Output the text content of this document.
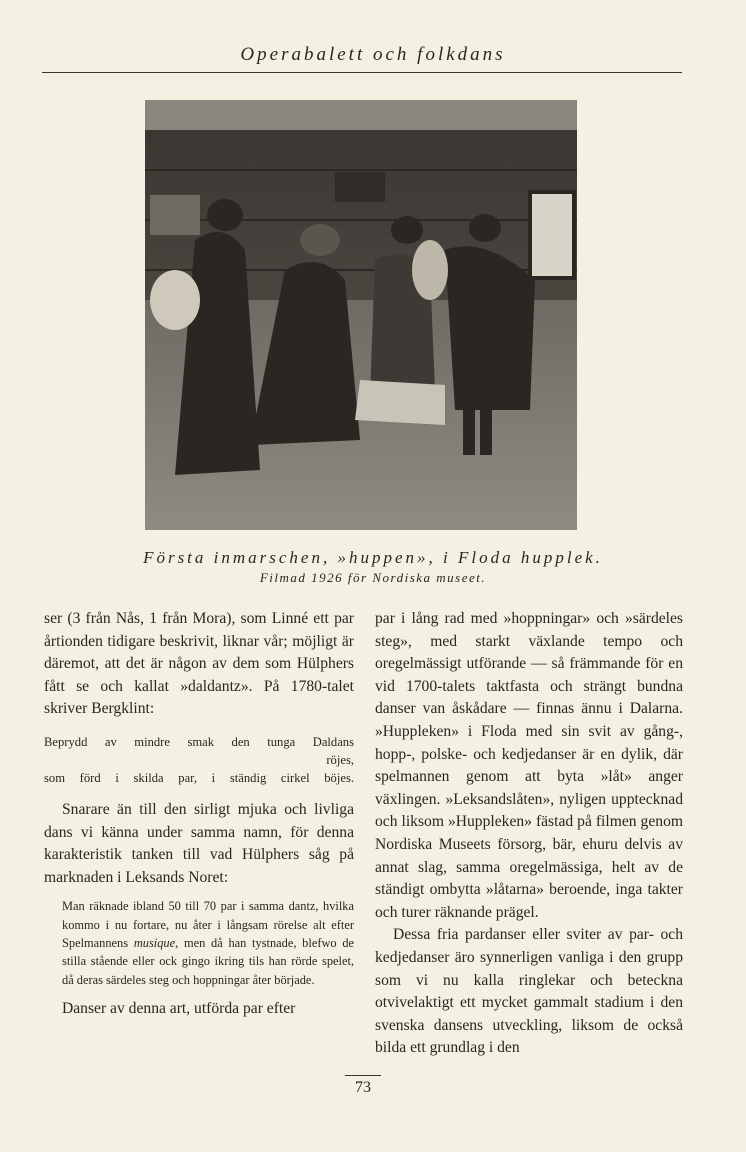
Operabalett och folkdans
Första inmarschen, »huppen», i Floda hupplek.
Filmad 1926 för Nordiska museet.

ser (3 från Nås, 1 från Mora), som Linné ett par årtionden tidigare beskrivit, liknar vår; möjligt är däremot, att det är någon av dem som Hülphers fått se och kallat »daldantz». På 1780-talet skriver Bergklint:

Beprydd av mindre smak den tunga Daldans
röjes,
som förd i skilda par, i ständig cirkel böjes.

Snarare än till den sirligt mjuka och livliga dans vi känna under samma namn, för denna karakteristik tanken till vad Hülphers såg på marknaden i Leksands Noret:

Man räknade ibland 50 till 70 par i samma dantz, hvilka kommo i nu fortare, nu åter i långsam rörelse alt efter Spelmannens musique, men då han tystnade, blefwo de stilla stående eller ock gingo ikring tils han rörde spelet, då deras särdeles steg och hoppningar åter började.

Danser av denna art, utförda par efter

par i lång rad med »hoppningar» och »särdeles steg», med starkt växlande tempo och oregelmässigt utförande — så främmande för en vid 1700-talets taktfasta och strängt bundna danser van åskådare — finnas ännu i Dalarna. »Hupplеken» i Floda med sin svit av gång-, hopp-, polske- och kedjedanser är en dylik, där spelmannen genom att byta »låt» anger växlingen. »Leksandslåten», nyligen upptecknad och liksom »Hupplеken» fästad på filmen genom Nordiska Museets försorg, bär, ehuru delvis av annat slag, samma oregelmässiga, helt av de ständigt ombytta »låtarna» beroende, inga takter och turer räknande prägel.

Dessa fria pardanser eller sviter av par- och kedjedanser äro synnerligen vanliga i den grupp som vi nu kalla ringlekar och beteckna otvivelaktigt ett mycket gammalt stadium i den svenska dansens utveckling, liksom de också bilda ett grundlag i den

73
